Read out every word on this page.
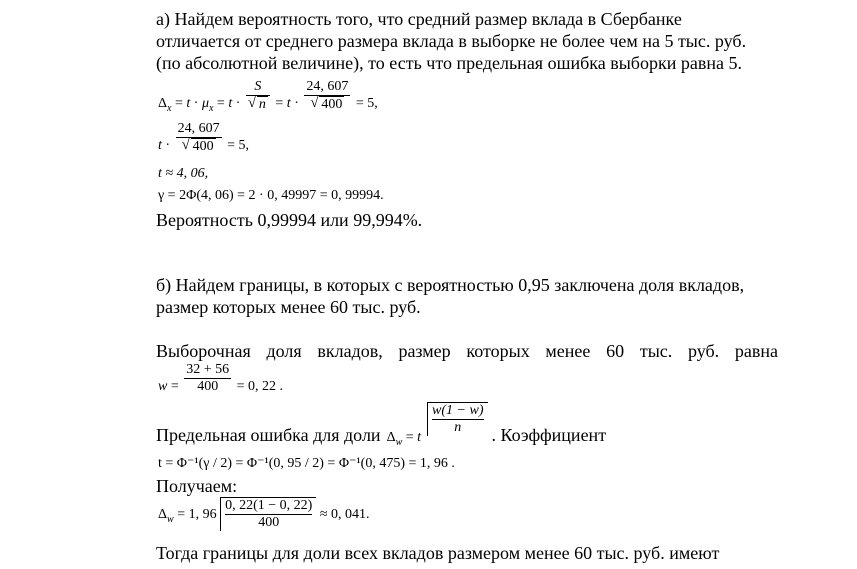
а) Найдем вероятность того, что средний размер вклада в Сбербанке
отличается от среднего размера вклада в выборке не более чем на 5 тыс. руб.
(по абсолютной величине), то есть что предельная ошибка выборки равна 5.
$\Delta_x = t \cdot \mu_x = t \cdot S$
√ n = t · 24, 607
√ 400 = 5,
t · 24, 607
√ 400 = 5,
t ≈ 4, 06,
γ = 2Φ(4, 06) = 2 · 0, 49997 = 0, 99994.
Вероятность 0,99994 или 99,994%.
б) Найдем границы, в которых с вероятностью 0,95 заключена доля вкладов,
размер которых менее 60 тыс. руб.
Выборочная доля вкладов, размер которых менее 60 тыс. руб. равна
$w = \frac{32 + 56}{400} = 0$, 22 .
Предельная ошибка для доли $\Delta_w = t$
$\frac{w(1 - w)}{n}$ . Коэффициент
t = Φ⁻¹(γ / 2) = Φ⁻¹(0, 95 / 2) = Φ⁻¹(0, 475) = 1, 96 .
Получаем:
$\Delta_w = 1$, $96 \frac{0, 22(1 - 0, 22)}{400} \approx 0$, 041.
Тогда границы для доли всех вкладов размером менее 60 тыс. руб. имеют
